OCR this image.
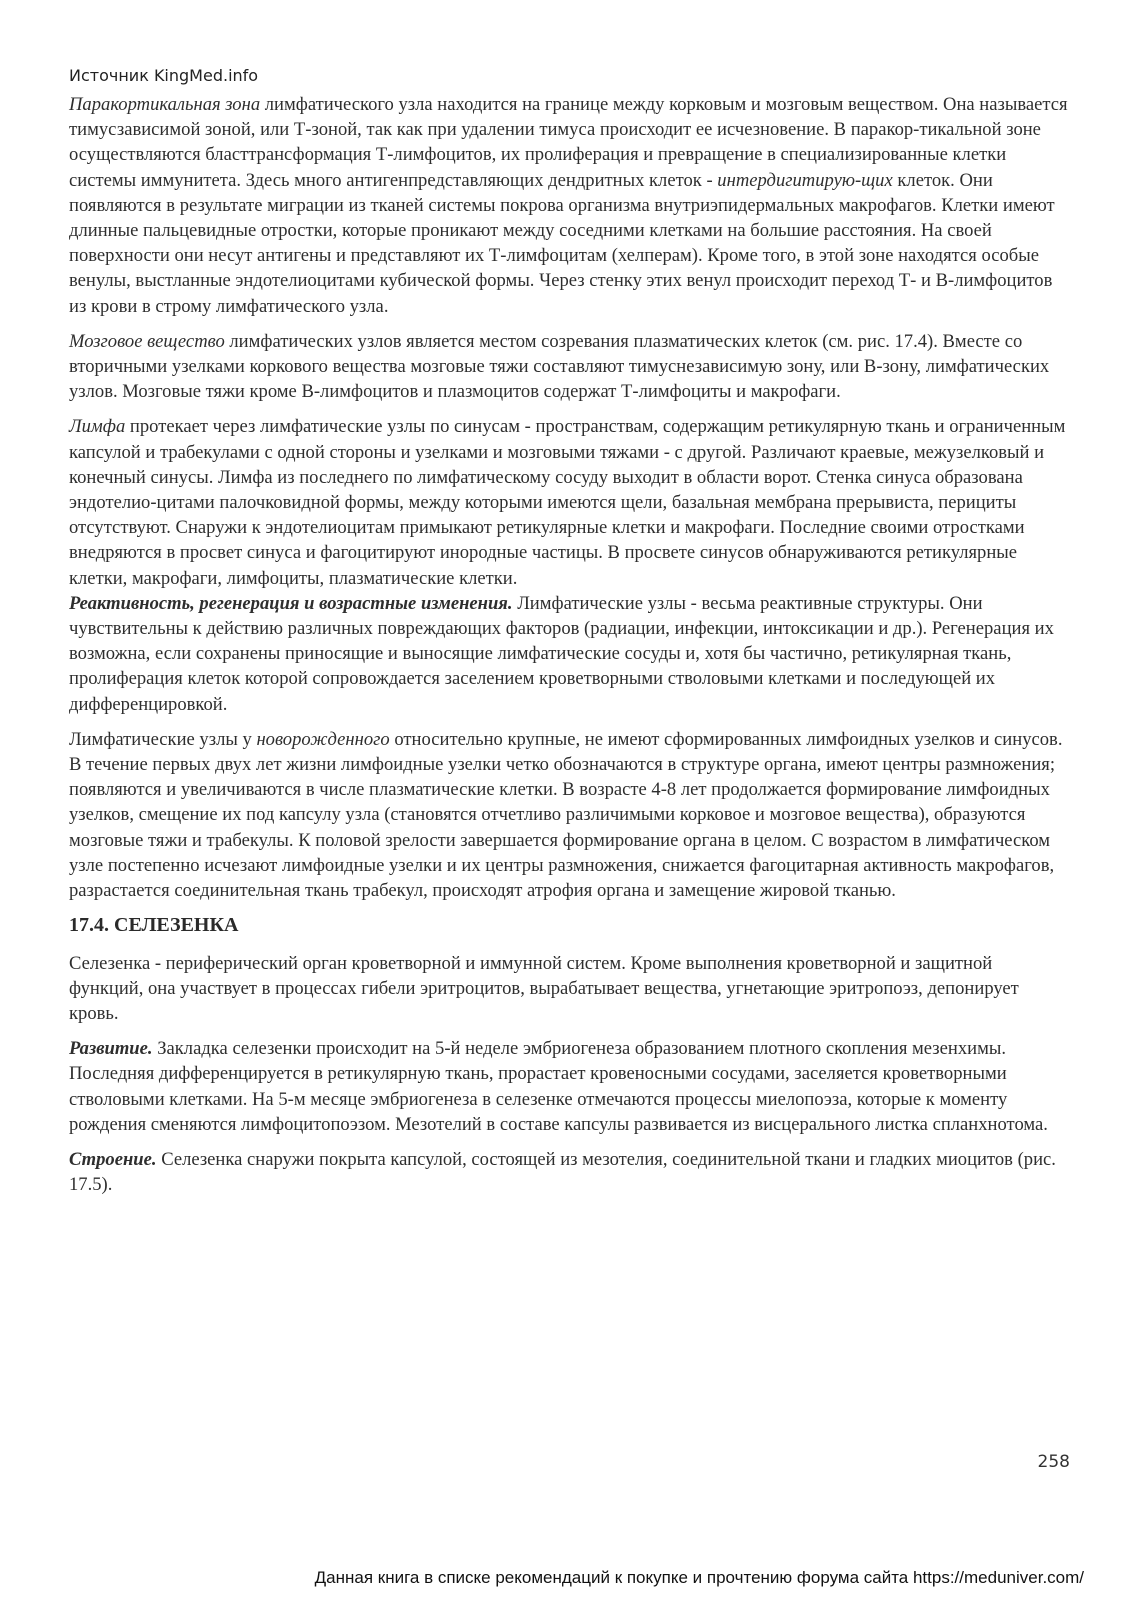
Источник KingMed.info

Паракортикальная зона лимфатического узла находится на границе между корковым и мозговым веществом. Она называется тимусзависимой зоной, или Т-зоной, так как при удалении тимуса происходит ее исчезновение. В паракор-тикальной зоне осуществляются бласттрансформация Т-лимфоцитов, их пролиферация и превращение в специализированные клетки системы иммунитета. Здесь много антигенпредставляющих дендритных клеток - интердигитирую-щих клеток. Они появляются в результате миграции из тканей системы покрова организма внутриэпидермальных макрофагов. Клетки имеют длинные пальцевидные отростки, которые проникают между соседними клетками на большие расстояния. На своей поверхности они несут антигены и представляют их Т-лимфоцитам (хелперам). Кроме того, в этой зоне находятся особые венулы, выстланные эндотелиоцитами кубической формы. Через стенку этих венул происходит переход Т- и В-лимфоцитов из крови в строму лимфатического узла.

Мозговое вещество лимфатических узлов является местом созревания плазматических клеток (см. рис. 17.4). Вместе со вторичными узелками коркового вещества мозговые тяжи составляют тимуснезависимую зону, или В-зону, лимфатических узлов. Мозговые тяжи кроме В-лимфоцитов и плазмоцитов содержат Т-лимфоциты и макрофаги.

Лимфа протекает через лимфатические узлы по синусам - пространствам, содержащим ретикулярную ткань и ограниченным капсулой и трабекулами с одной стороны и узелками и мозговыми тяжами - с другой. Различают краевые, межузелковый и конечный синусы. Лимфа из последнего по лимфатическому сосуду выходит в области ворот. Стенка синуса образована эндотелио-цитами палочковидной формы, между которыми имеются щели, базальная мембрана прерывиста, перициты отсутствуют. Снаружи к эндотелиоцитам примыкают ретикулярные клетки и макрофаги. Последние своими отростками внедряются в просвет синуса и фагоцитируют инородные частицы. В просвете синусов обнаруживаются ретикулярные клетки, макрофаги, лимфоциты, плазматические клетки.

Реактивность, регенерация и возрастные изменения. Лимфатические узлы - весьма реактивные структуры. Они чувствительны к действию различных повреждающих факторов (радиации, инфекции, интоксикации и др.). Регенерация их возможна, если сохранены приносящие и выносящие лимфатические сосуды и, хотя бы частично, ретикулярная ткань, пролиферация клеток которой сопровождается заселением кроветворными стволовыми клетками и последующей их дифференцировкой.

Лимфатические узлы у новорожденного относительно крупные, не имеют сформированных лимфоидных узелков и синусов. В течение первых двух лет жизни лимфоидные узелки четко обозначаются в структуре органа, имеют центры размножения; появляются и увеличиваются в числе плазматические клетки. В возрасте 4-8 лет продолжается формирование лимфоидных узелков, смещение их под капсулу узла (становятся отчетливо различимыми корковое и мозговое вещества), образуются мозговые тяжи и трабекулы. К половой зрелости завершается формирование органа в целом. С возрастом в лимфатическом узле постепенно исчезают лимфоидные узелки и их центры размножения, снижается фагоцитарная активность макрофагов, разрастается соединительная ткань трабекул, происходят атрофия органа и замещение жировой тканью.

17.4. СЕЛЕЗЕНКА

Селезенка - периферический орган кроветворной и иммунной систем. Кроме выполнения кроветворной и защитной функций, она участвует в процессах гибели эритроцитов, вырабатывает вещества, угнетающие эритропоэз, депонирует кровь.

Развитие. Закладка селезенки происходит на 5-й неделе эмбриогенеза образованием плотного скопления мезенхимы. Последняя дифференцируется в ретикулярную ткань, прорастает кровеносными сосудами, заселяется кроветворными стволовыми клетками. На 5-м месяце эмбриогенеза в селезенке отмечаются процессы миелопоэза, которые к моменту рождения сменяются лимфоцитопоэзом. Мезотелий в составе капсулы развивается из висцерального листка спланхнотома.

Строение. Селезенка снаружи покрыта капсулой, состоящей из мезотелия, соединительной ткани и гладких миоцитов (рис. 17.5).

258
Данная книга в списке рекомендаций к покупке и прочтению форума сайта https://meduniver.com/
